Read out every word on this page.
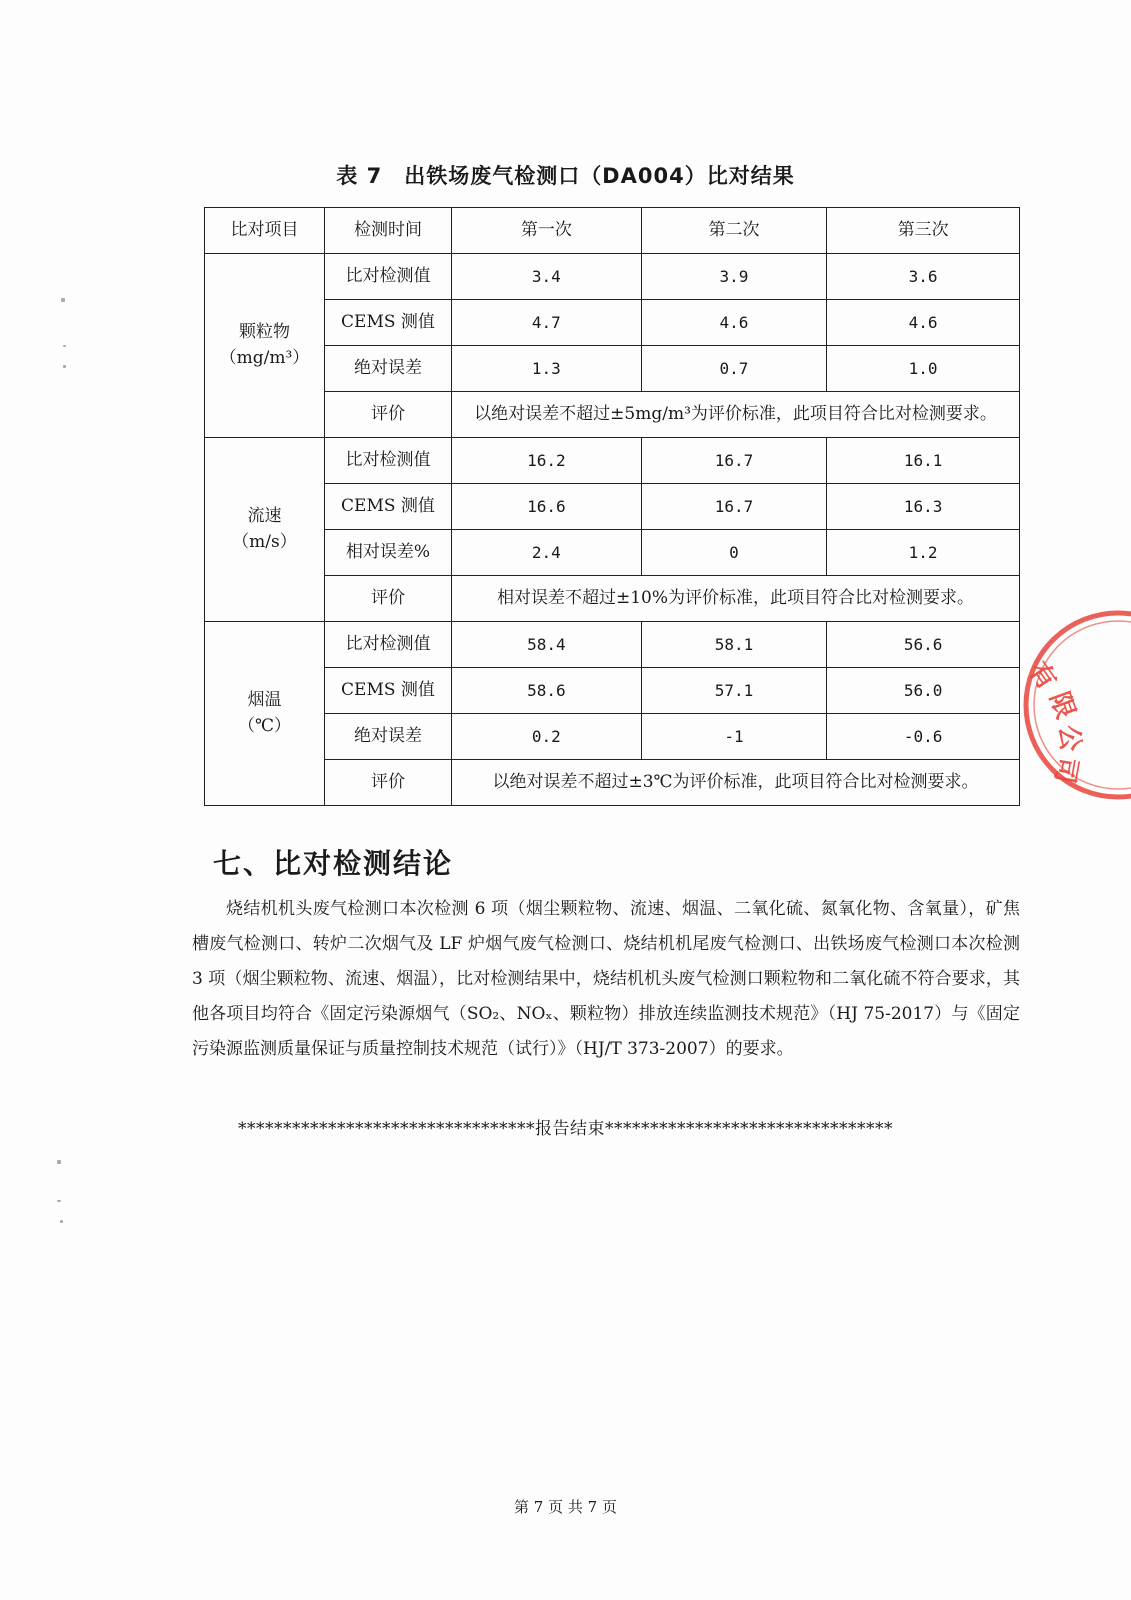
表 7　出铁场废气检测口（DA004）比对结果
比对项目	检测时间	第一次	第二次	第三次

颗粒物
（mg/m³）	比对检测值	3.4	3.9	3.6
	CEMS 测值	4.7	4.6	4.6
	绝对误差	1.3	0.7	1.0
	评价	以绝对误差不超过±5mg/m³为评价标准，此项目符合比对检测要求。		

流速
（m/s）	比对检测值	16.2	16.7	16.1
	CEMS 测值	16.6	16.7	16.3
	相对误差%	2.4	0	1.2
	评价	相对误差不超过±10%为评价标准，此项目符合比对检测要求。		

烟温
（℃）	比对检测值	58.4	58.1	56.6
	CEMS 测值	58.6	57.1	56.0
	绝对误差	0.2	-1	-0.6
	评价	以绝对误差不超过±3℃为评价标准，此项目符合比对检测要求。		
有
限
公
司
七、比对检测结论

烧结机机头废气检测口本次检测 6 项（烟尘颗粒物、流速、烟温、二氧化硫、氮氧化物、含氧量），矿焦槽废气检测口、转炉二次烟气及 LF 炉烟气废气检测口、烧结机机尾废气检测口、出铁场废气检测口本次检测 3 项（烟尘颗粒物、流速、烟温），比对检测结果中，烧结机机头废气检测口颗粒物和二氧化硫不符合要求，其他各项目均符合《固定污染源烟气（SO₂、NOₓ、颗粒物）排放连续监测技术规范》（HJ 75-2017）与《固定污染源监测质量保证与质量控制技术规范（试行）》（HJ/T 373-2007）的要求。

*********************************报告结束********************************
第 7 页 共 7 页
